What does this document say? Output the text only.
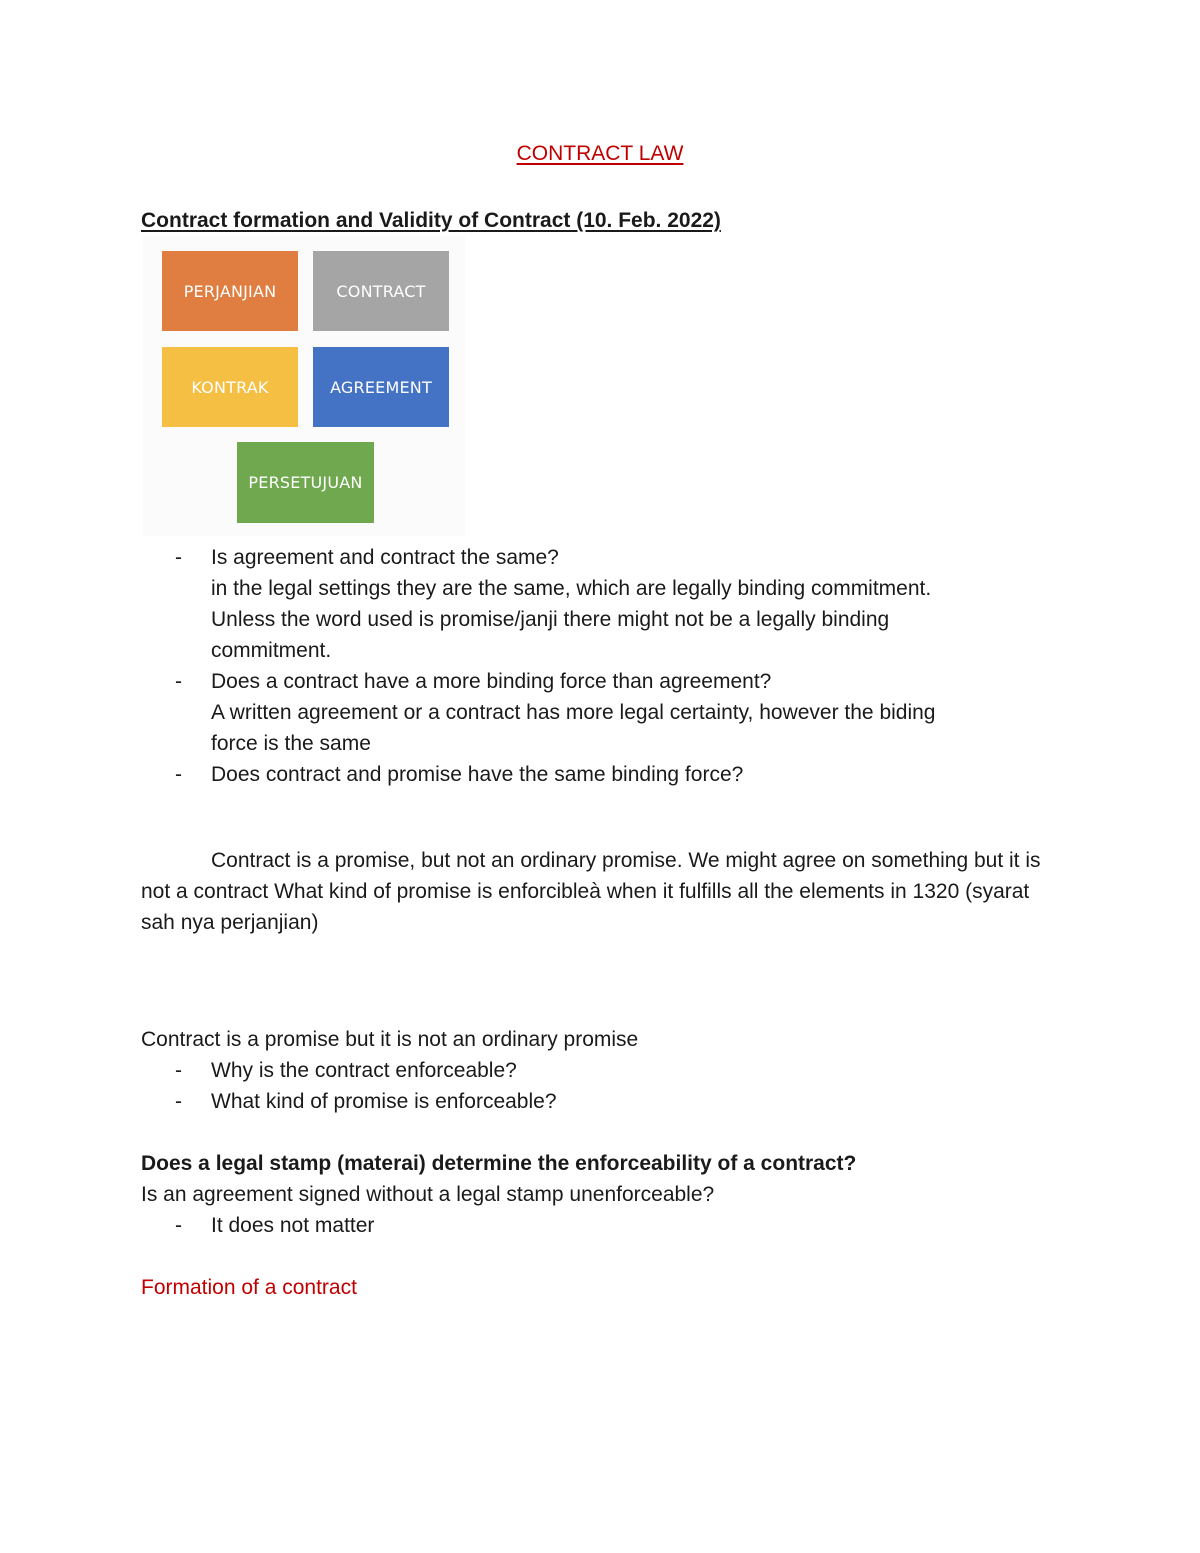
CONTRACT LAW
Contract formation and Validity of Contract (10. Feb. 2022)
PERJANJIAN	CONTRACT
KONTRAK	AGREEMENT
PERSETUJUAN
- Is agreement and contract the same?
in the legal settings they are the same, which are legally binding commitment.
Unless the word used is promise/janji there might not be a legally binding
commitment.
- Does a contract have a more binding force than agreement?
A written agreement or a contract has more legal certainty, however the biding
force is the same
- Does contract and promise have the same binding force?

Contract is a promise, but not an ordinary promise. We might agree on something but it is not a contract What kind of promise is enforcibleà when it fulfills all the elements in 1320 (syarat sah nya perjanjian)

Contract is a promise but it is not an ordinary promise

- Why is the contract enforceable?
- What kind of promise is enforceable?

Does a legal stamp (materai) determine the enforceability of a contract?

Is an agreement signed without a legal stamp unenforceable?

- It does not matter

Formation of a contract
